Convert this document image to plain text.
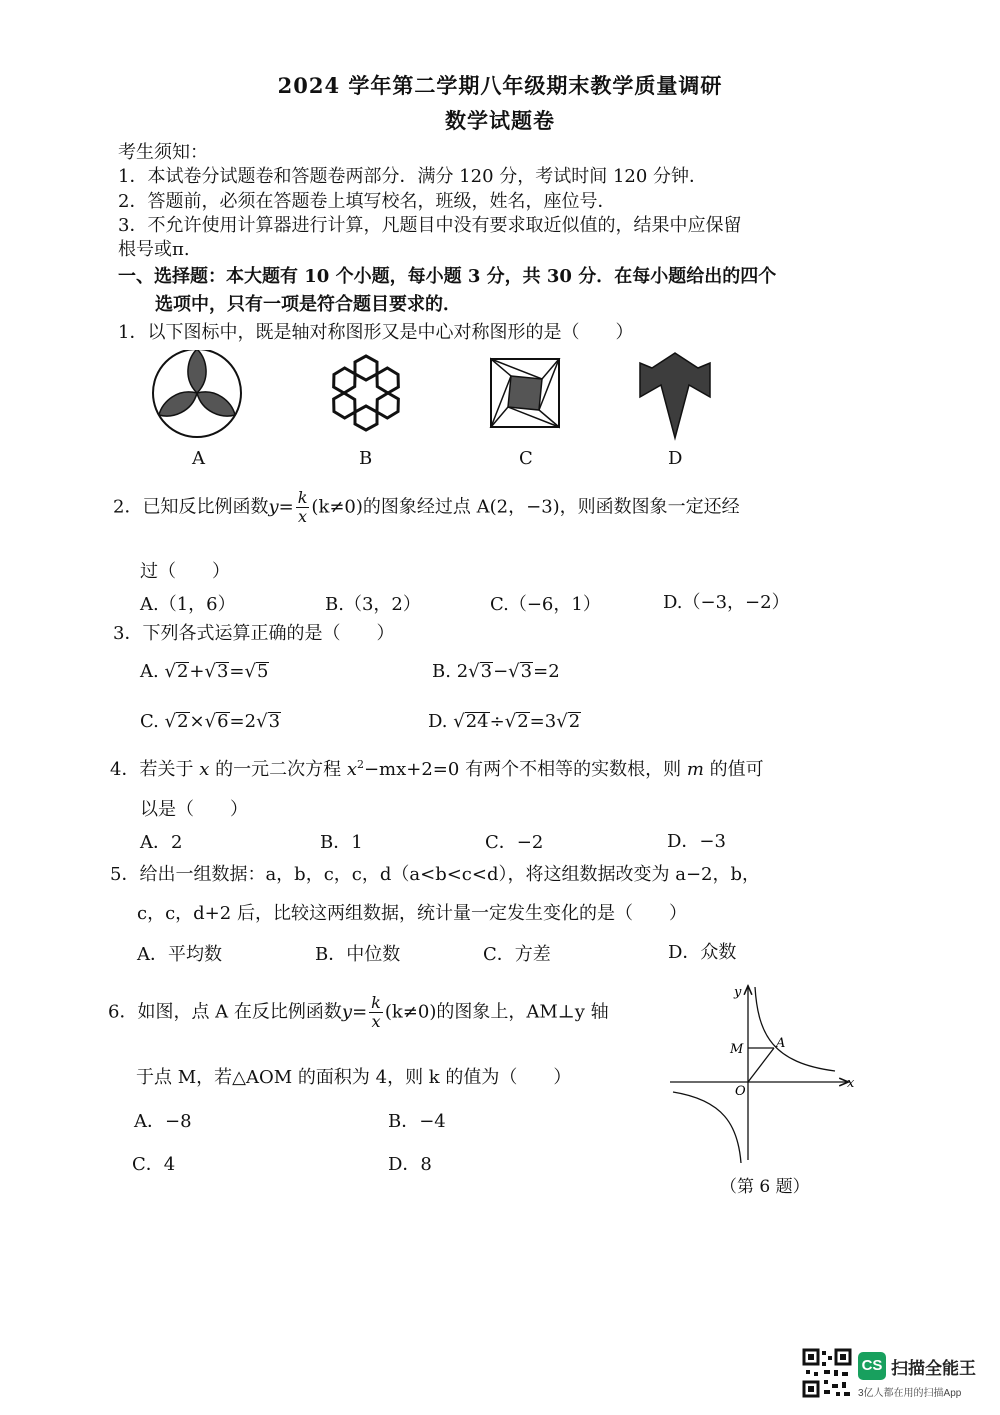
2024 学年第二学期八年级期末教学质量调研
数学试题卷
考生须知：
1．本试卷分试题卷和答题卷两部分．满分 120 分，考试时间 120 分钟．
2．答题前，必须在答题卷上填写校名，班级，姓名，座位号．
3．不允许使用计算器进行计算，凡题目中没有要求取近似值的，结果中应保留
根号或π.
一、选择题：本大题有 10 个小题，每小题 3 分，共 30 分．在每小题给出的四个
选项中，只有一项是符合题目要求的．
1．以下图标中，既是轴对称图形又是中心对称图形的是（　　）
A	B	C	D
2．已知反比例函数$y= \frac{k}{x} (k\ne 0)$的图象经过点 A(2，−3)，则函数图象一定还经
过（　　）
A.（1，6）	B.（3，2）	C.（−6，1）	D.（−3，−2）
3．下列各式运算正确的是（　　）
A. √2+√3=√5	B. 2√3−√3=2
C. √2×√6=2√3	D. √24÷√2=3√2
4．若关于 x 的一元二次方程 $x^2-mx+2=0$ 有两个不相等的实数根，则 m 的值可
以是（　　）
A．2	B．1	C．−2	D．−3
5．给出一组数据：a，b，c，c，d（a<b<c<d），将这组数据改变为 a−2，b，
c，c，d+2 后，比较这两组数据，统计量一定发生变化的是（　　）
A．平均数	B．中位数	C．方差	D．众数
6．如图，点 A 在反比例函数$y= \frac{k}{x} (k\ne 0)$的图象上，AM⊥y 轴
于点 M，若△AOM 的面积为 4，则 k 的值为（　　）
A．−8	B．−4
C．4	D．8
y
x
O
M	A
（第 6 题）
CS 扫描全能王
3亿人都在用的扫描App
